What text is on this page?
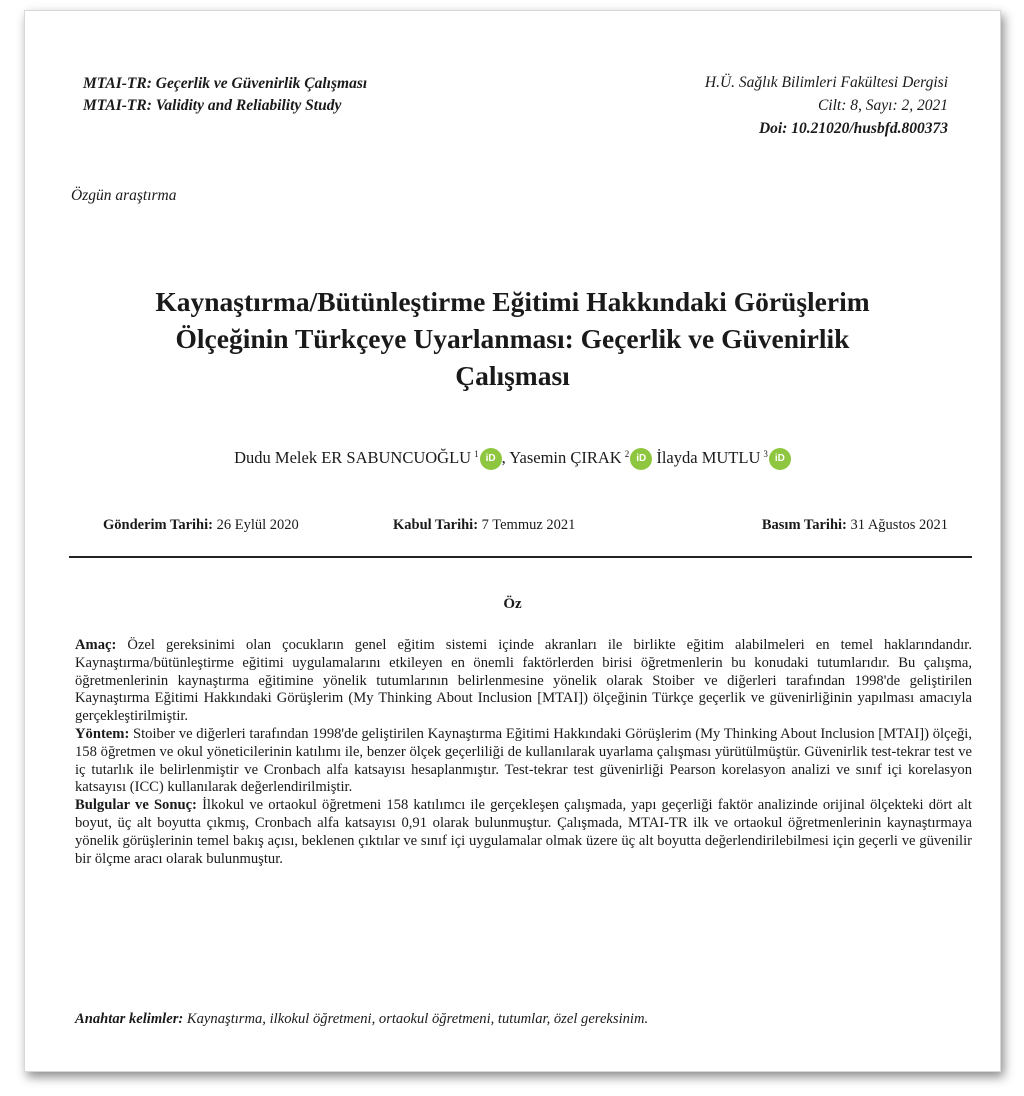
MTAI-TR: Geçerlik ve Güvenirlik Çalışması
MTAI-TR: Validity and Reliability Study
H.Ü. Sağlık Bilimleri Fakültesi Dergisi
Cilt: 8, Sayı: 2, 2021
Doi: 10.21020/husbfd.800373
Özgün araştırma
Kaynaştırma/Bütünleştirme Eğitimi Hakkındaki Görüşlerim
Ölçeğinin Türkçeye Uyarlanması: Geçerlik ve Güvenirlik
Çalışması
Dudu Melek ER SABUNCUOĞLU $^1$ iD , Yasemin ÇIRAK $^2$ iD İlayda MUTLU $^3$ iD
Gönderim Tarihi: 26 Eylül 2020	Kabul Tarihi: 7 Temmuz 2021	Basım Tarihi: 31 Ağustos 2021
Öz

Amaç: Özel gereksinimi olan çocukların genel eğitim sistemi içinde akranları ile birlikte eğitim alabilmeleri en temel haklarındandır. Kaynaştırma/bütünleştirme eğitimi uygulamalarını etkileyen en önemli faktörlerden birisi öğretmenlerin bu konudaki tutumlarıdır. Bu çalışma, öğretmenlerinin kaynaştırma eğitimine yönelik tutumlarının belirlenmesine yönelik olarak Stoiber ve diğerleri tarafından 1998'de geliştirilen Kaynaştırma Eğitimi Hakkındaki Görüşlerim (My Thinking About Inclusion [MTAI]) ölçeğinin Türkçe geçerlik ve güvenirliğinin yapılması amacıyla gerçekleştirilmiştir.

Yöntem: Stoiber ve diğerleri tarafından 1998'de geliştirilen Kaynaştırma Eğitimi Hakkındaki Görüşlerim (My Thinking About Inclusion [MTAI]) ölçeği, 158 öğretmen ve okul yöneticilerinin katılımı ile, benzer ölçek geçerliliği de kullanılarak uyarlama çalışması yürütülmüştür. Güvenirlik test-tekrar test ve iç tutarlık ile belirlenmiştir ve Cronbach alfa katsayısı hesaplanmıştır. Test-tekrar test güvenirliği Pearson korelasyon analizi ve sınıf içi korelasyon katsayısı (ICC) kullanılarak değerlendirilmiştir.

Bulgular ve Sonuç: İlkokul ve ortaokul öğretmeni 158 katılımcı ile gerçekleşen çalışmada, yapı geçerliği faktör analizinde orijinal ölçekteki dört alt boyut, üç alt boyutta çıkmış, Cronbach alfa katsayısı 0,91 olarak bulunmuştur. Çalışmada, MTAI-TR ilk ve ortaokul öğretmenlerinin kaynaştırmaya yönelik görüşlerinin temel bakış açısı, beklenen çıktılar ve sınıf içi uygulamalar olmak üzere üç alt boyutta değerlendirilebilmesi için geçerli ve güvenilir bir ölçme aracı olarak bulunmuştur.

Anahtar kelimler: Kaynaştırma, ilkokul öğretmeni, ortaokul öğretmeni, tutumlar, özel gereksinim.
